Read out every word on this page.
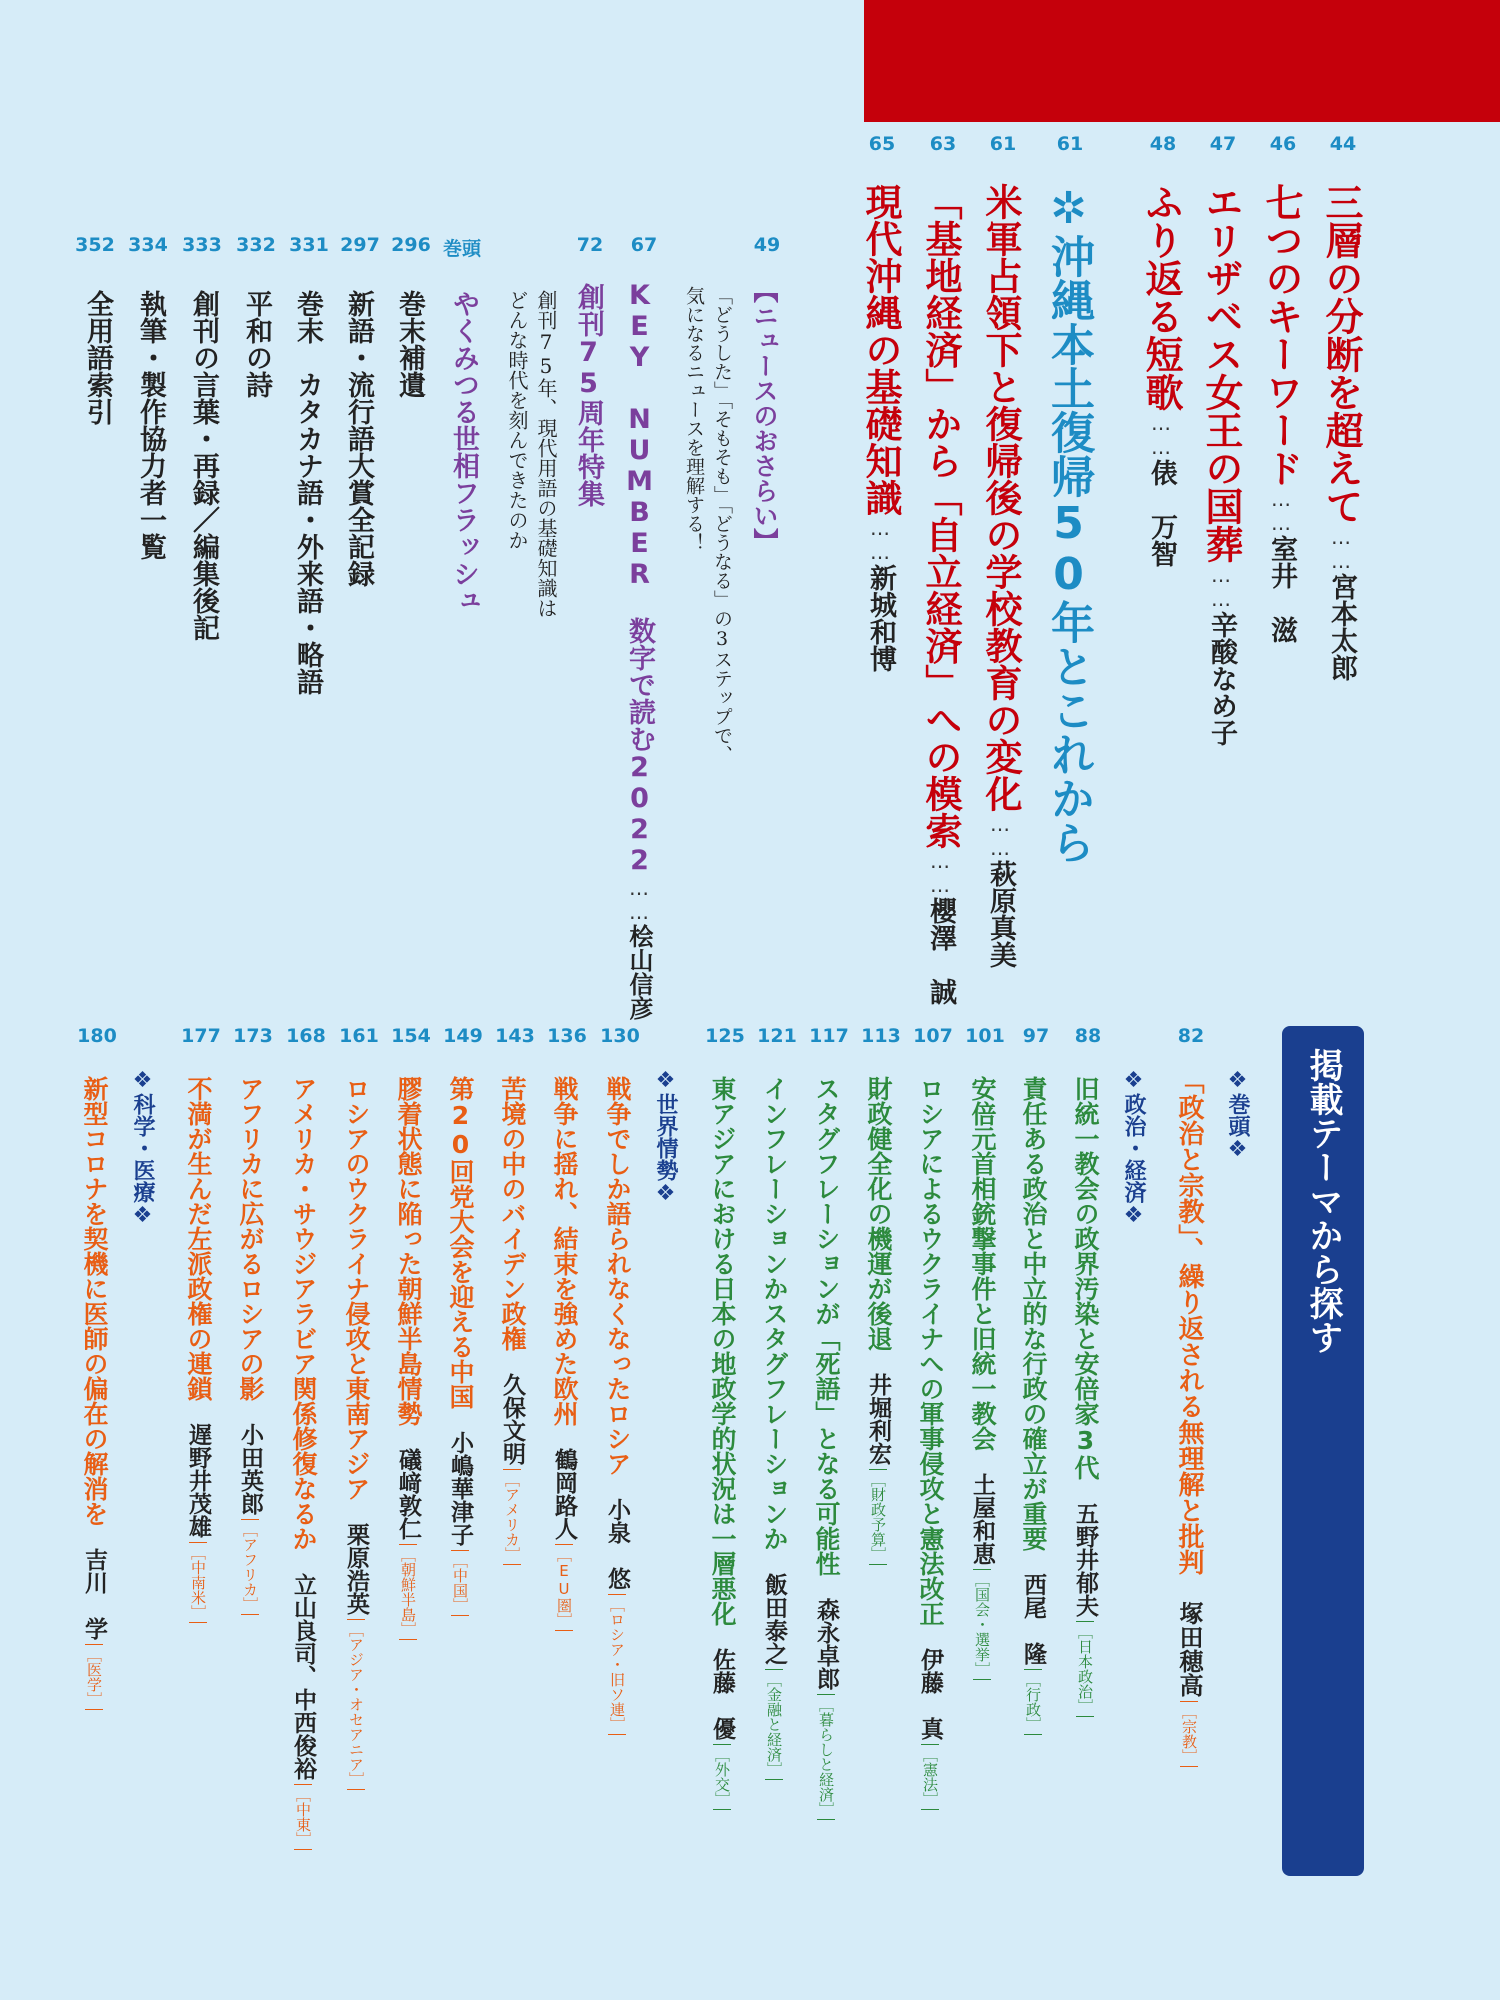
44
46
47
48
61
61
63
65
三層の分断を超えて……宮本太郎
七つのキーワード……室井　滋
エリザベス女王の国葬……辛酸なめ子
ふり返る短歌……俵　万智
✲沖縄本土復帰50年とこれから
米軍占領下と復帰後の学校教育の変化……萩原真美
「基地経済」から「自立経済」への模索……櫻澤　誠
現代沖縄の基礎知識……新城和博
49
67
72
巻頭
296
297
331
332
333
334
352
【ニュースのおさらい】
「どうした」「そもそも」「どうなる」の3ステップで、
気になるニュースを理解する！
KEY NUMBER　数字で読む2022……桧山信彦
創刊75周年特集
創刊75年、現代用語の基礎知識は
どんな時代を刻んできたのか
やくみつる世相フラッシュ
巻末補遺
新語・流行語大賞全記録
巻末　カタカナ語・外来語・略語
平和の詩
創刊の言葉・再録／編集後記
執筆・製作協力者一覧
全用語索引
掲載テーマから探す
82
88
97
101
107
113
117
121
125
130
136
143
149
154
161
168
173
177
180
❖巻頭❖
❖政治・経済❖
❖世界情勢❖
❖科学・医療❖	「政治と宗教」、繰り返される無理解と批判塚田穂高［宗教］
旧統一教会の政界汚染と安倍家3代五野井郁夫［日本政治］
責任ある政治と中立的な行政の確立が重要西尾　隆［行政］
安倍元首相銃撃事件と旧統一教会土屋和恵［国会・選挙］
ロシアによるウクライナへの軍事侵攻と憲法改正伊藤　真［憲法］
財政健全化の機運が後退井堀利宏［財政予算］
スタグフレーションが「死語」となる可能性森永卓郎［暮らしと経済］
インフレーションかスタグフレーションか飯田泰之［金融と経済］
東アジアにおける日本の地政学的状況は一層悪化佐藤　優［外交］
戦争でしか語られなくなったロシア小泉　悠［ロシア・旧ソ連］
戦争に揺れ、結束を強めた欧州鶴岡路人［EU圏］
苦境の中のバイデン政権久保文明［アメリカ］
第20回党大会を迎える中国小嶋華津子［中国］
膠着状態に陥った朝鮮半島情勢礒﨑敦仁［朝鮮半島］
ロシアのウクライナ侵攻と東南アジア栗原浩英［アジア・オセアニア］
アメリカ・サウジアラビア関係修復なるか立山良司、中西俊裕［中東］
アフリカに広がるロシアの影小田英郎［アフリカ］
不満が生んだ左派政権の連鎖遅野井茂雄［中南米］
新型コロナを契機に医師の偏在の解消を吉川　学［医学］
